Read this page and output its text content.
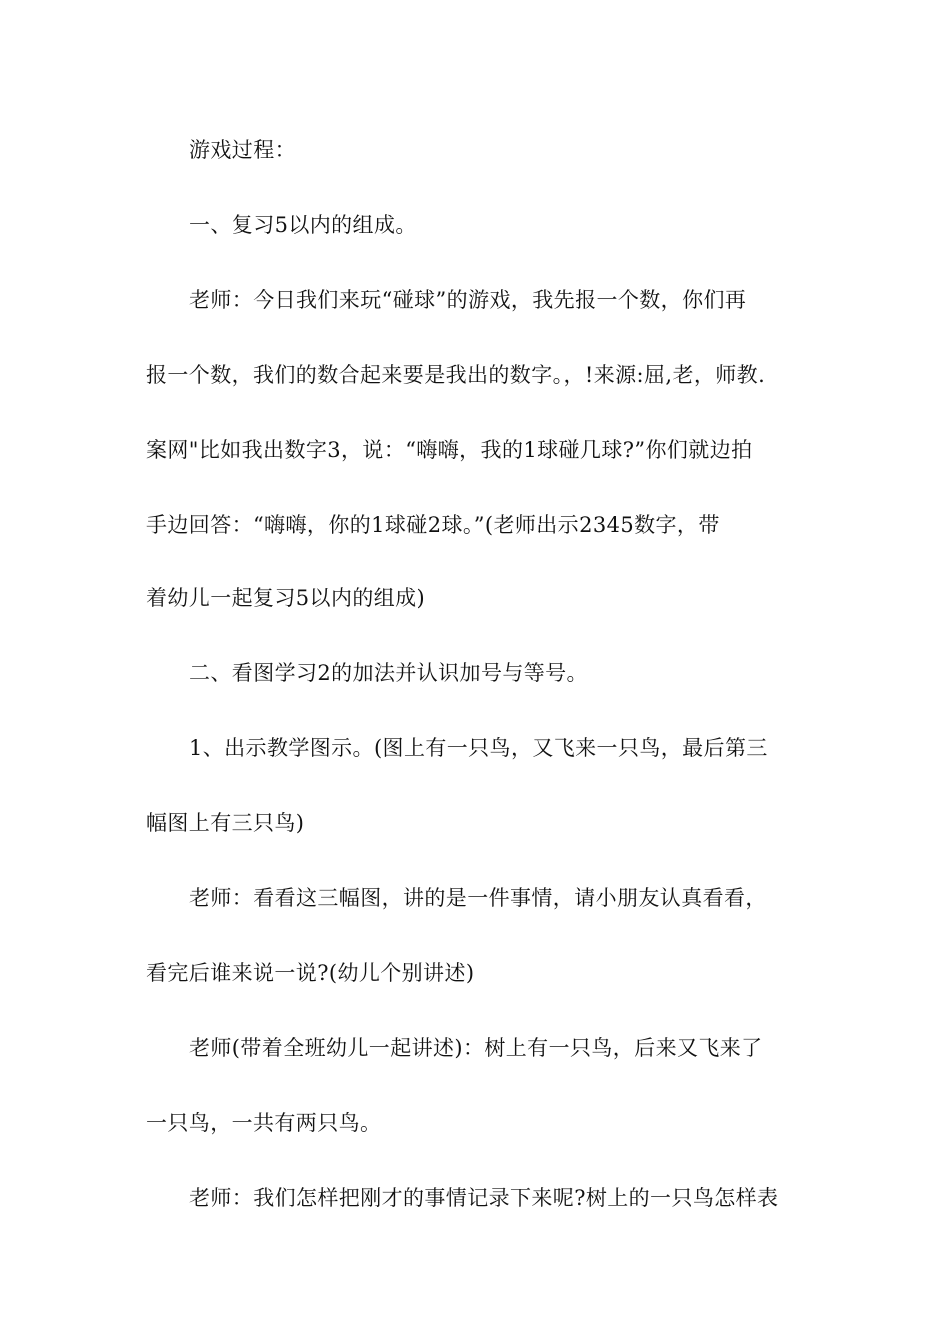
游戏过程：
一、复习5以内的组成。
老师：今日我们来玩“碰球”的游戏，我先报一个数，你们再
报一个数，我们的数合起来要是我出的数字。，!来源:屈,老，师教.
案网"比如我出数字3，说：“嗨嗨，我的1球碰几球?”你们就边拍
手边回答：“嗨嗨，你的1球碰2球。”(老师出示2345数字，带
着幼儿一起复习5以内的组成)
二、看图学习2的加法并认识加号与等号。
1、出示教学图示。(图上有一只鸟，又飞来一只鸟，最后第三
幅图上有三只鸟)
老师：看看这三幅图，讲的是一件事情，请小朋友认真看看，
看完后谁来说一说?(幼儿个别讲述)
老师(带着全班幼儿一起讲述)：树上有一只鸟，后来又飞来了
一只鸟，一共有两只鸟。
老师：我们怎样把刚才的事情记录下来呢?树上的一只鸟怎样表
